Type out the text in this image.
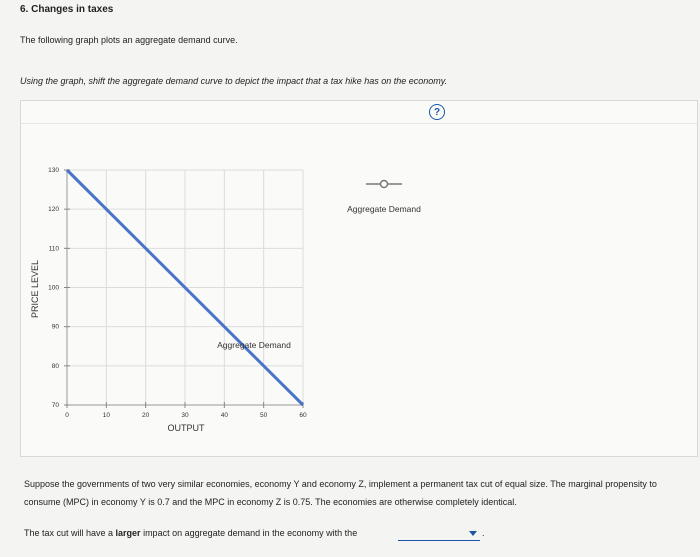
6. Changes in taxes
The following graph plots an aggregate demand curve.
Using the graph, shift the aggregate demand curve to depict the impact that a tax hike has on the economy.
?
0	10	20	30	40	50	60
70
80
90
100
110
120
130
OUTPUT
PRICE LEVEL
Aggregate Demand
Aggregate Demand
Suppose the governments of two very similar economies, economy Y and economy Z, implement a permanent tax cut of equal size. The marginal propensity to consume (MPC) in economy Y is 0.7 and the MPC in economy Z is 0.75. The economies are otherwise completely identical.
The tax cut will have a larger impact on aggregate demand in the economy with the	.
